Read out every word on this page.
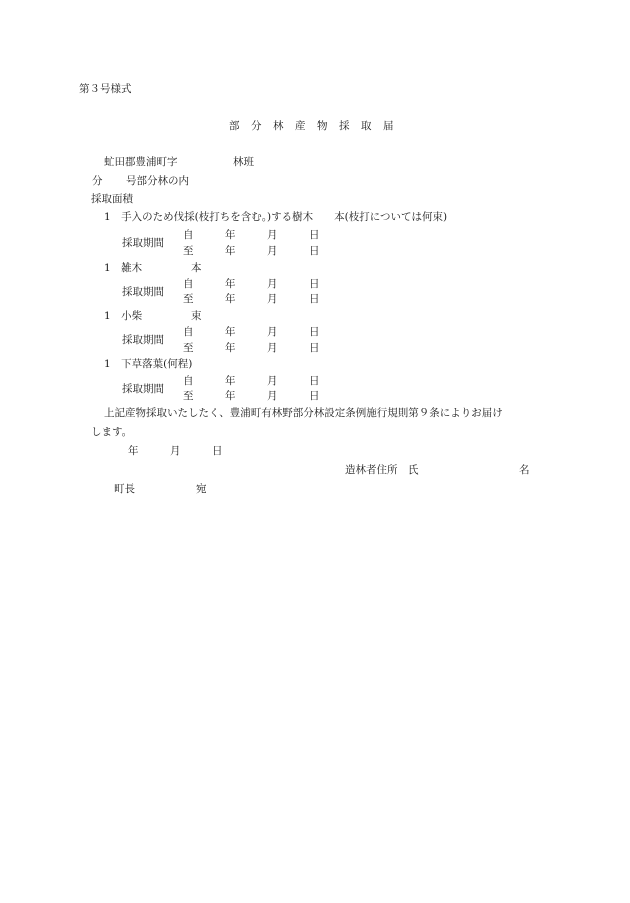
第３号様式
部　分　林　産　物　採　取　届
虻田郡豊浦町字	林班
分 号部分林の内
採取面積
1　手入のため伐採(枝打ちを含む。)する樹木　　本(枝打については何束)
採取期間
自　　　年　　　月　　　日
至　　　年　　　月　　　日
1　雑木	本
採取期間
自　　　年　　　月　　　日
至　　　年　　　月　　　日
1　小柴	束
採取期間
自　　　年　　　月　　　日
至　　　年　　　月　　　日
1　下草落葉(何程)
採取期間
自　　　年　　　月　　　日
至　　　年　　　月　　　日
上記産物採取いたしたく、豊浦町有林野部分林設定条例施行規則第９条によりお届け
します。
年　　　月　　　日
造林者住所　氏	名
町長	宛
